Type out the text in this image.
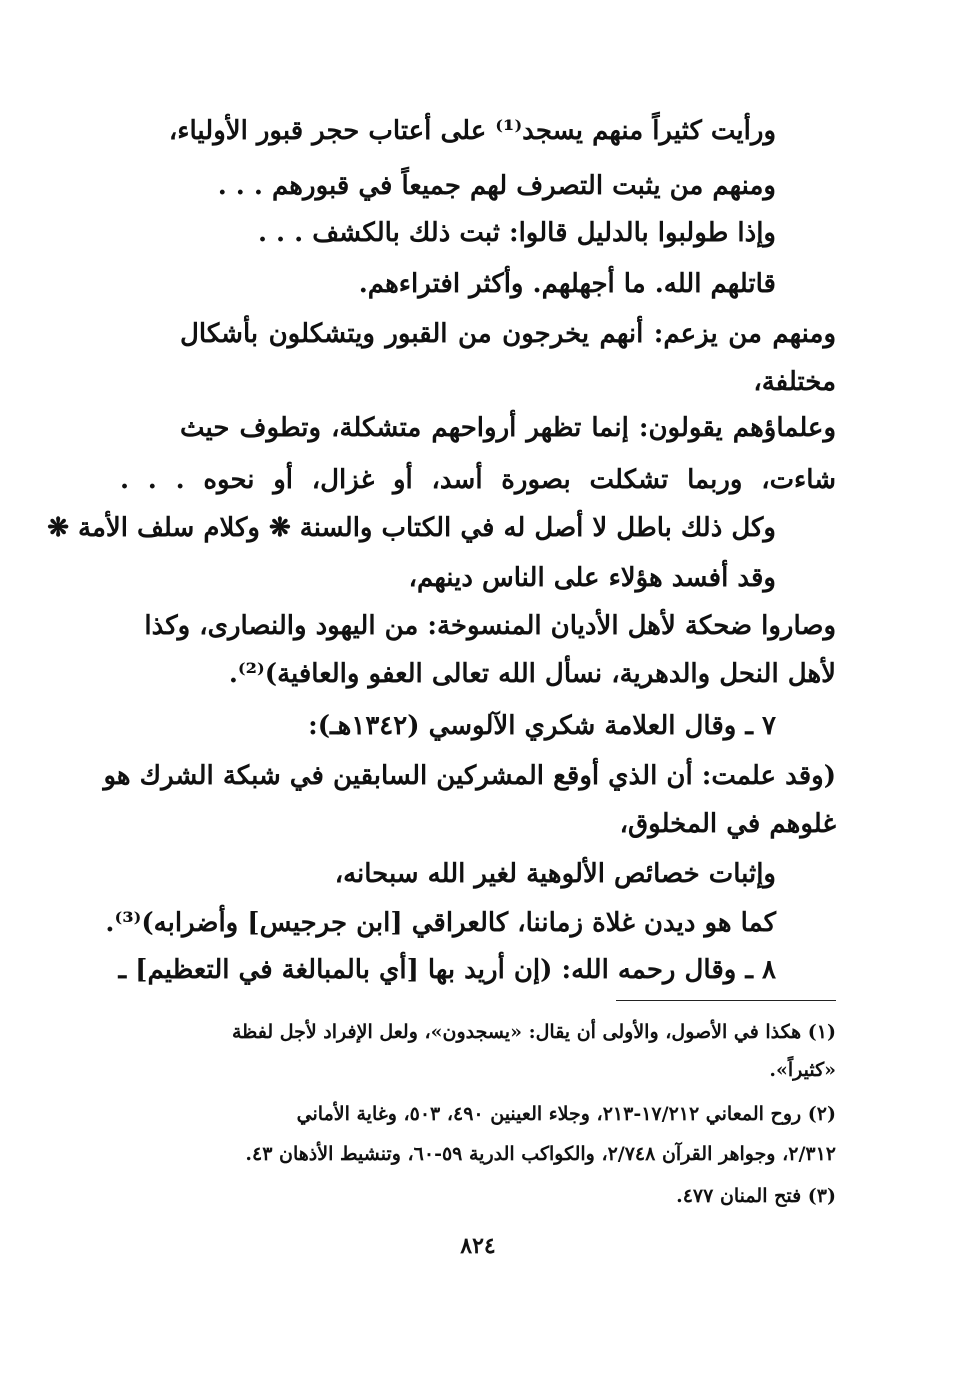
ورأيت كثيراً منهم يسجد⁽¹⁾ على أعتاب حجر قبور الأولياء،
ومنهم من يثبت التصرف لهم جميعاً في قبورهم . . .
وإذا طولبوا بالدليل قالوا: ثبت ذلك بالكشف . . .
قاتلهم الله. ما أجهلهم. وأكثر افتراءهم.
ومنهم من يزعم: أنهم يخرجون من القبور ويتشكلون بأشكال
مختلفة،
وعلماؤهم يقولون: إنما تظهر أرواحهم متشكلة، وتطوف حيث
شاءت، وربما تشكلت بصورة أسد، أو غزال، أو نحوه . . .
وكل ذلك باطل لا أصل له في الكتاب والسنة ❋ وكلام سلف الأمة ❋
وقد أفسد هؤلاء على الناس دينهم،
وصاروا ضحكة لأهل الأديان المنسوخة: من اليهود والنصارى، وكذا
لأهل النحل والدهرية، نسأل الله تعالى العفو والعافية)⁽²⁾.
٧ ـ وقال العلامة شكري الآلوسي (١٣٤٢هـ):
(وقد علمت: أن الذي أوقع المشركين السابقين في شبكة الشرك هو
غلوهم في المخلوق،
وإثبات خصائص الألوهية لغير الله سبحانه،
كما هو ديدن غلاة زماننا، كالعراقي [ابن جرجيس] وأضرابه)⁽³⁾.
٨ ـ وقال رحمه الله: (إن أريد بها [أي بالمبالغة في التعظيم] ـ
(١) هكذا في الأصول، والأولى أن يقال: «يسجدون»، ولعل الإفراد لأجل لفظة
«كثيراً».
(٢) روح المعاني ١٧/٢١٢-٢١٣، وجلاء العينين ٤٩٠، ٥٠٣، وغاية الأماني
٢/٣١٢، وجواهر القرآن ٢/٧٤٨، والكواكب الدرية ٥٩-٦٠، وتنشيط الأذهان ٤٣.
(٣) فتح المنان ٤٧٧.
٨٢٤
